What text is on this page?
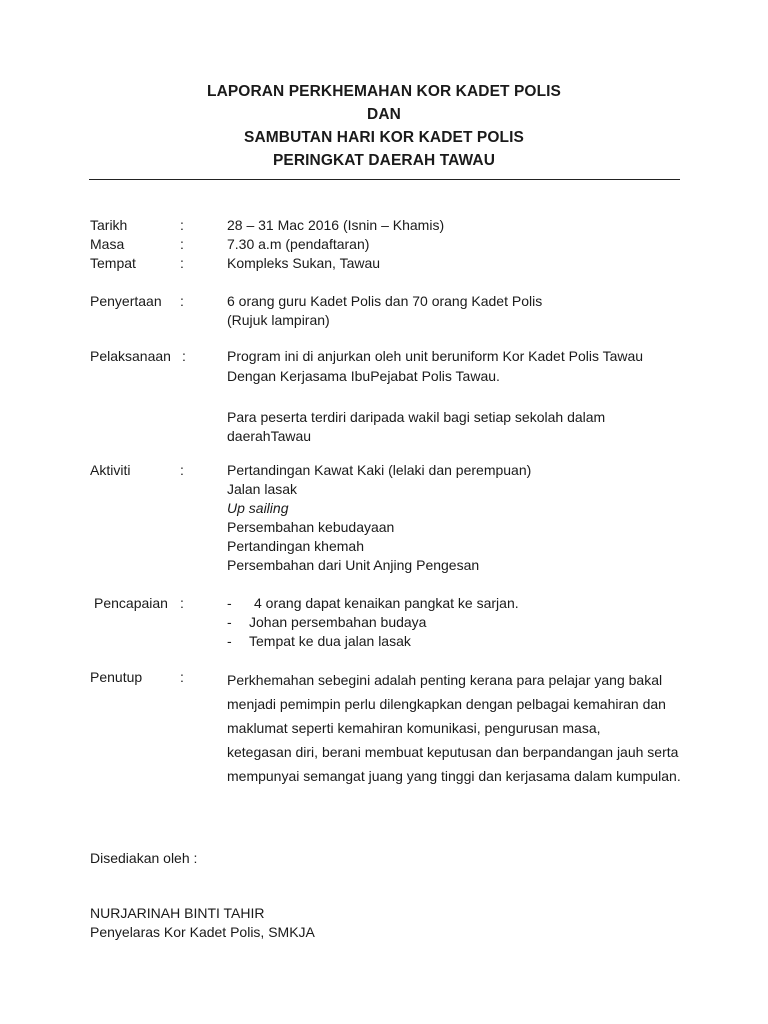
LAPORAN PERKHEMAHAN KOR KADET POLIS
DAN
SAMBUTAN HARI KOR KADET POLIS
PERINGKAT DAERAH TAWAU
Tarikh	:	28 – 31 Mac 2016 (Isnin – Khamis)
Masa	:	7.30 a.m (pendaftaran)
Tempat	:	Kompleks Sukan, Tawau
Penyertaan :	6 orang guru Kadet Polis dan 70 orang Kadet Polis
(Rujuk lampiran)
Pelaksanaan :	Program ini di anjurkan oleh unit beruniform Kor Kadet Polis Tawau
Dengan Kerjasama IbuPejabat Polis Tawau.
Para peserta terdiri daripada wakil bagi setiap sekolah dalam
daerahTawau
Aktiviti	:	Pertandingan Kawat Kaki (lelaki dan perempuan)
Jalan lasak
Up sailing
Persembahan kebudayaan
Pertandingan khemah
Persembahan dari Unit Anjing Pengesan
Pencapaian :	- 4 orang dapat kenaikan pangkat ke sarjan.
- Johan persembahan budaya
- Tempat ke dua jalan lasak
Penutup	:	Perkhemahan sebegini adalah penting kerana para pelajar yang bakal
menjadi pemimpin perlu dilengkapkan dengan pelbagai kemahiran dan
maklumat seperti kemahiran komunikasi, pengurusan masa,
ketegasan diri, berani membuat keputusan dan berpandangan jauh serta
mempunyai semangat juang yang tinggi dan kerjasama dalam kumpulan.
Disediakan oleh :
NURJARINAH BINTI TAHIR
Penyelaras Kor Kadet Polis, SMKJA
